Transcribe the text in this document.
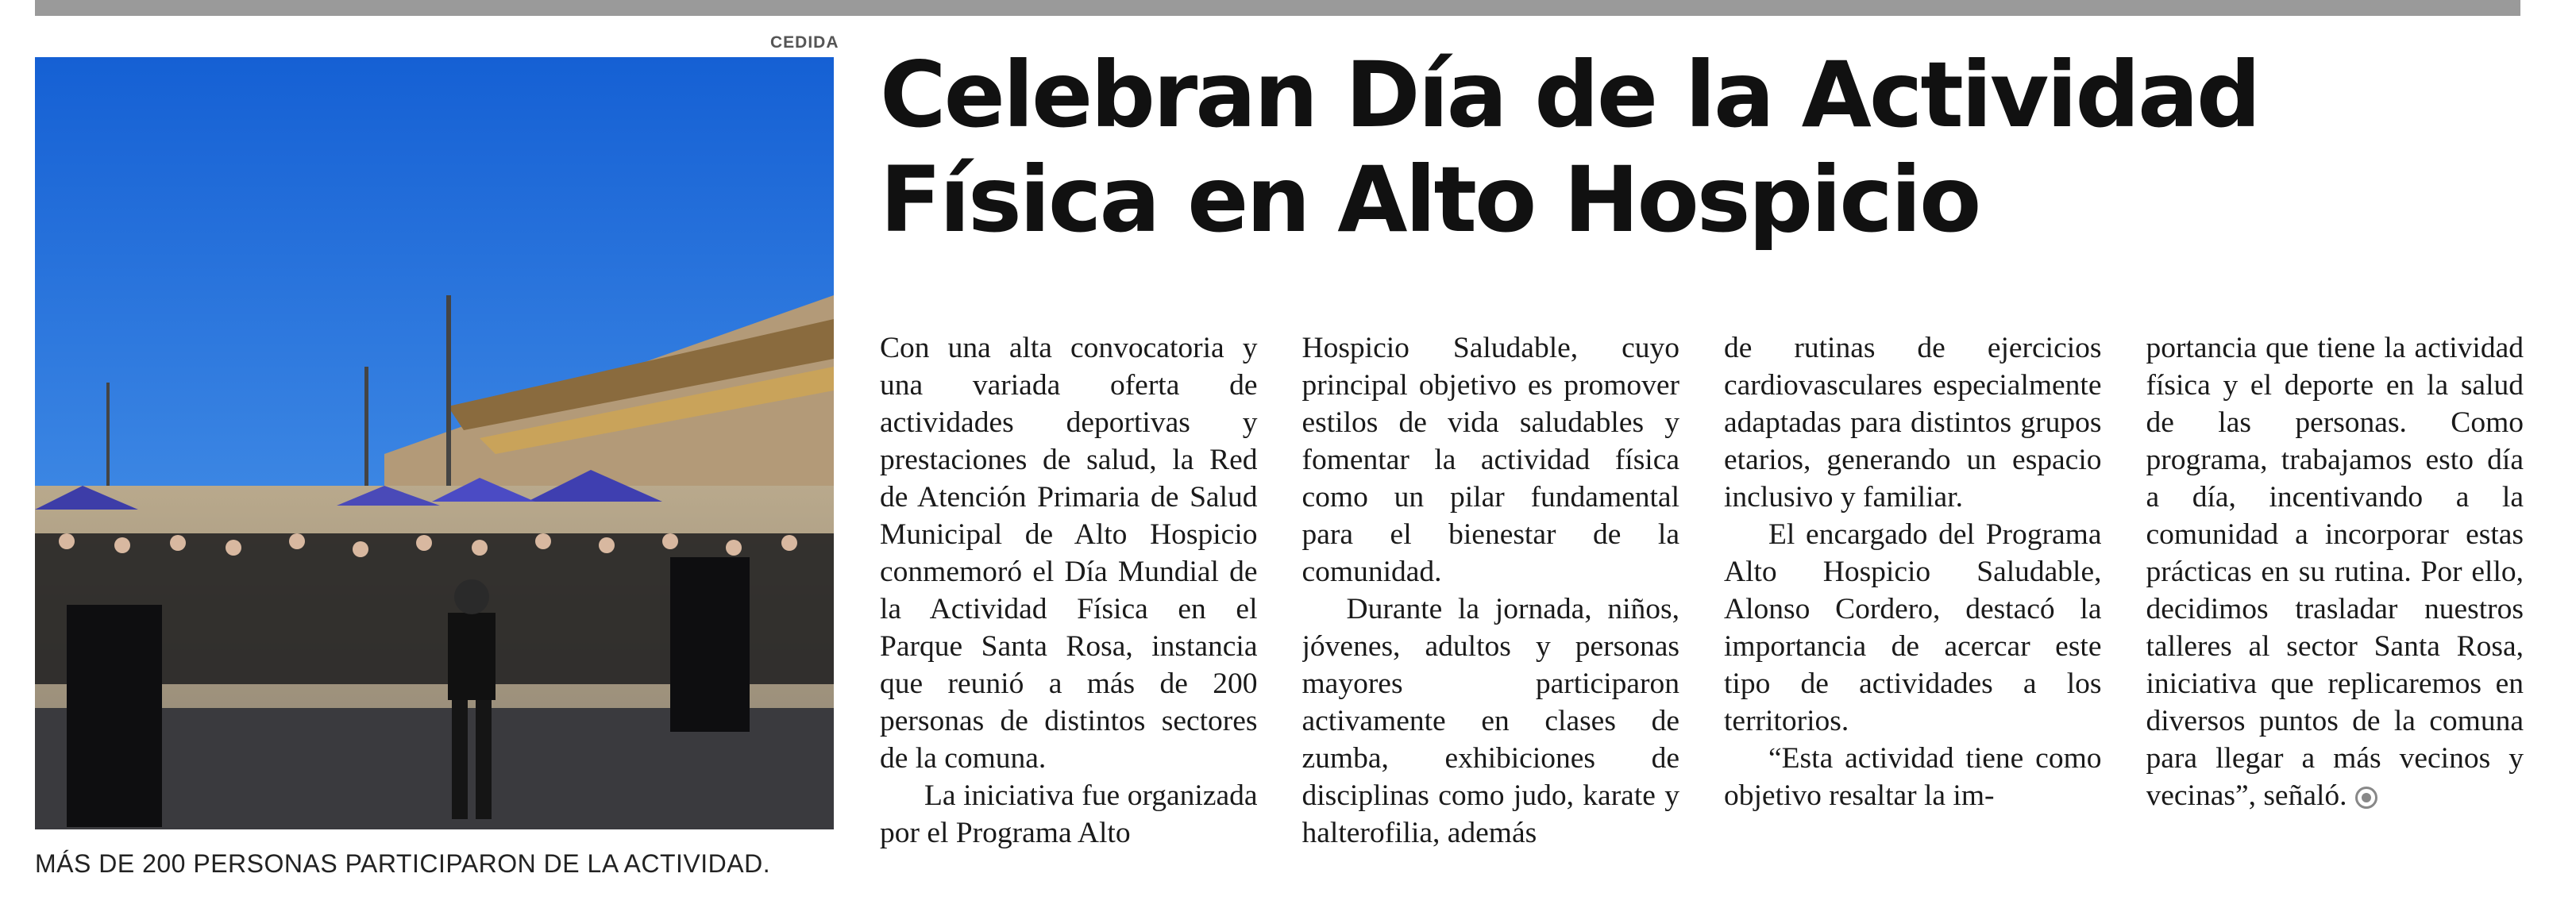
CEDIDA
MÁS DE 200 PERSONAS PARTICIPARON DE LA ACTIVIDAD.
Celebran Día de la Actividad Física en Alto Hospicio

Con una alta convocatoria y una variada oferta de actividades deportivas y prestaciones de salud, la Red de Atención Primaria de Salud Municipal de Alto Hospicio conmemoró el Día Mundial de la Actividad Física en el Parque Santa Rosa, instancia que reunió a más de 200 personas de distintos sectores de la comuna.

La iniciativa fue organizada por el Programa Alto

Hospicio Saludable, cuyo principal objetivo es promover estilos de vida saludables y fomentar la actividad física como un pilar fundamental para el bienestar de la comunidad.

Durante la jornada, niños, jóvenes, adultos y personas mayores participaron activamente en clases de zumba, exhibiciones de disciplinas como judo, karate y halterofilia, además

de rutinas de ejercicios cardiovasculares especialmente adaptadas para distintos grupos etarios, generando un espacio inclusivo y familiar.

El encargado del Programa Alto Hospicio Saludable, Alonso Cordero, destacó la importancia de acercar este tipo de actividades a los territorios.

“Esta actividad tiene como objetivo resaltar la im-

portancia que tiene la actividad física y el deporte en la salud de las personas. Como programa, trabajamos esto día a día, incentivando a la comunidad a incorporar estas prácticas en su rutina. Por ello, decidimos trasladar nuestros talleres al sector Santa Rosa, iniciativa que replicaremos en diversos puntos de la comuna para llegar a más vecinos y vecinas”, señaló.
